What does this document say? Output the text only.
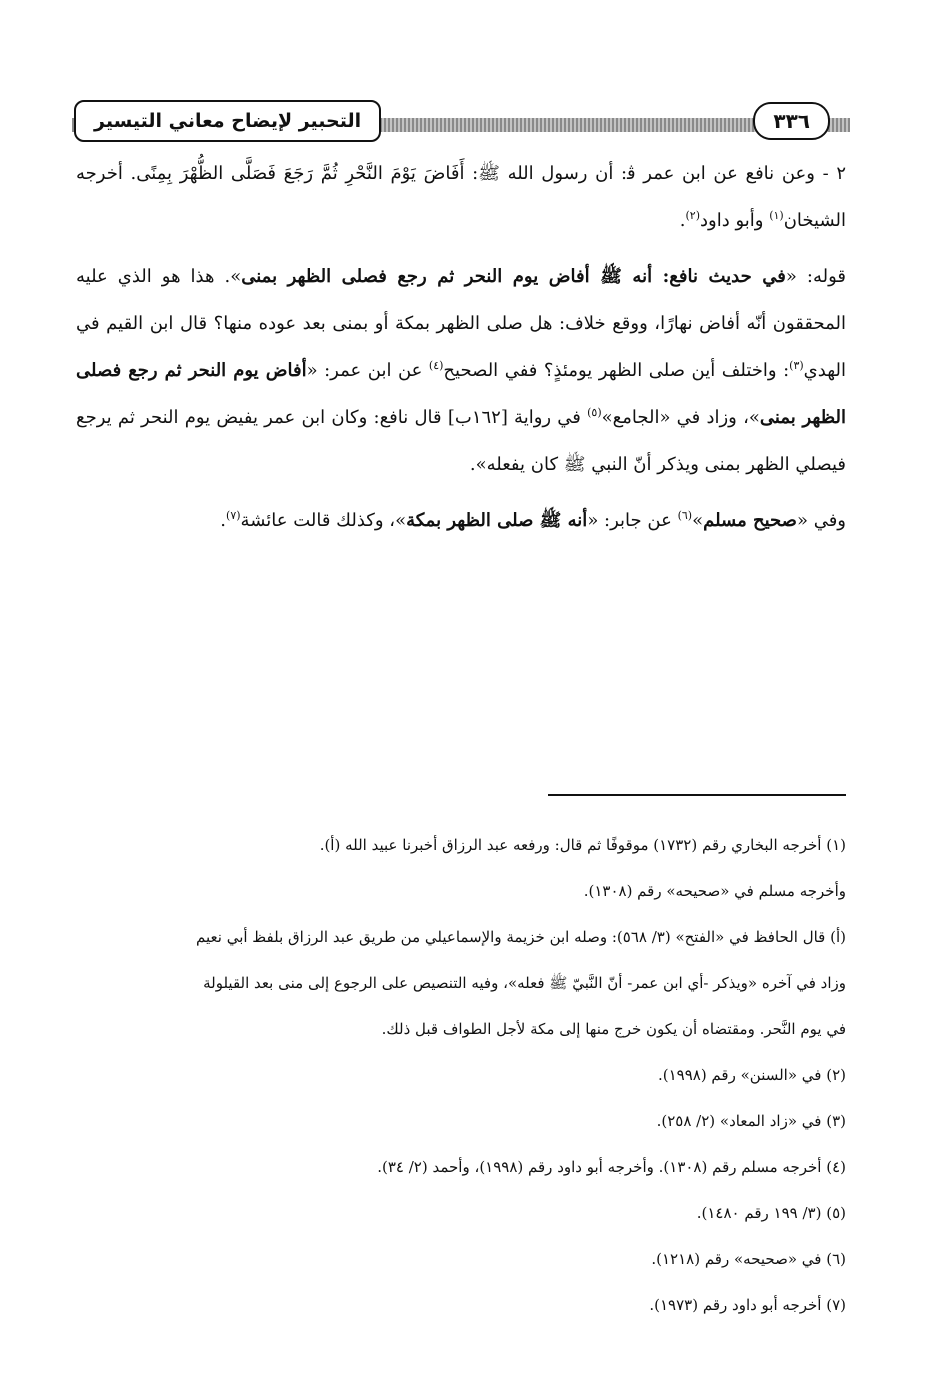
التحبير لإيضاح معاني التيسير	٣٣٦

٢ - وعن نافع عن ابن عمر ﭬ: أن رسول الله ﷺ: أَفَاضَ يَوْمَ النَّحْرِ ثُمَّ رَجَعَ فَصَلَّى الظُّهْرَ بِمِنًى. أخرجه الشيخان$^{(١)}$ وأبو داود$^{(٢)}$.

قوله: «في حديث نافع: أنه ﷺ أفاض يوم النحر ثم رجع فصلى الظهر بمنى». هذا هو الذي عليه المحققون أنّه أفاض نهارًا، ووقع خلاف: هل صلى الظهر بمكة أو بمنى بعد عوده منها؟ قال ابن القيم في الهدي$^{(٣)}$: واختلف أين صلى الظهر يومئذٍ؟ ففي الصحيح$^{(٤)}$ عن ابن عمر: «أفاض يوم النحر ثم رجع فصلى الظهر بمنى»، وزاد في «الجامع»$^{(٥)}$ في رواية [١٦٢ب] قال نافع: وكان ابن عمر يفيض يوم النحر ثم يرجع فيصلي الظهر بمنى ويذكر أنّ النبي ﷺ كان يفعله».

وفي «صحيح مسلم»$^{(٦)}$ عن جابر: «أنه ﷺ صلى الظهر بمكة»، وكذلك قالت عائشة$^{(٧)}$.

(١) أخرجه البخاري رقم (١٧٣٢) موقوفًا ثم قال: ورفعه عبد الرزاق أخبرنا عبيد الله (أ).

وأخرجه مسلم في «صحيحه» رقم (١٣٠٨).

(أ) قال الحافظ في «الفتح» (٣/ ٥٦٨): وصله ابن خزيمة والإسماعيلي من طريق عبد الرزاق بلفظ أبي نعيم

وزاد في آخره «ويذكر -أي ابن عمر- أنّ النَّبيّ ﷺ فعله»، وفيه التنصيص على الرجوع إلى منى بعد القيلولة

في يوم النَّحر. ومقتضاه أن يكون خرج منها إلى مكة لأجل الطواف قبل ذلك.

(٢) في «السنن» رقم (١٩٩٨).

(٣) في «زاد المعاد» (٢/ ٢٥٨).

(٤) أخرجه مسلم رقم (١٣٠٨). وأخرجه أبو داود رقم (١٩٩٨)، وأحمد (٢/ ٣٤).

(٥) (٣/ ١٩٩ رقم ١٤٨٠).

(٦) في «صحيحه» رقم (١٢١٨).

(٧) أخرجه أبو داود رقم (١٩٧٣).
